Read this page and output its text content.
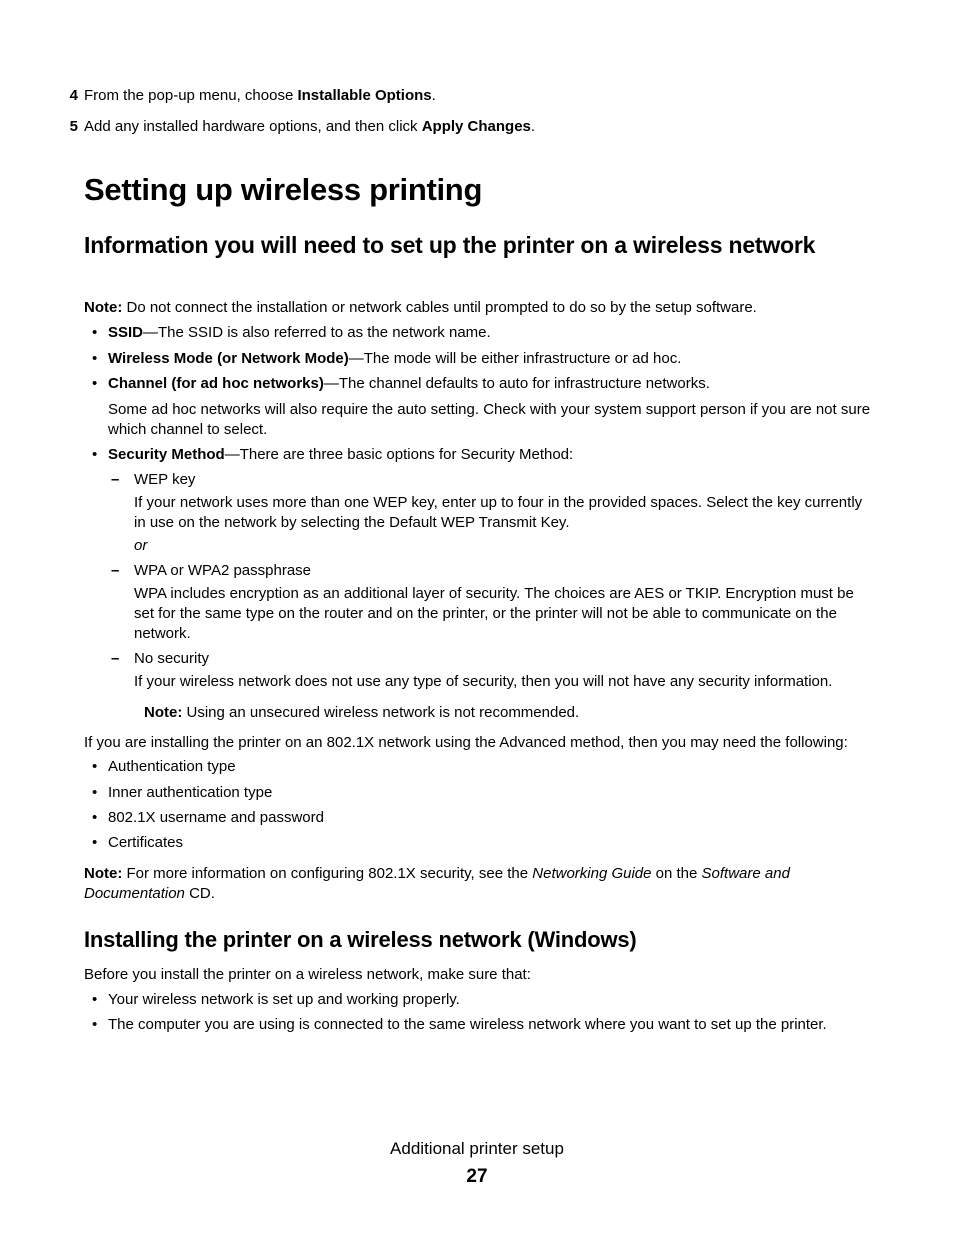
4 From the pop-up menu, choose Installable Options.

5 Add any installed hardware options, and then click Apply Changes.

Setting up wireless printing
Information you will need to set up the printer on a wireless network

Note: Do not connect the installation or network cables until prompted to do so by the setup software.

• SSID—The SSID is also referred to as the network name.

• Wireless Mode (or Network Mode)—The mode will be either infrastructure or ad hoc.

• Channel (for ad hoc networks)—The channel defaults to auto for infrastructure networks.

Some ad hoc networks will also require the auto setting. Check with your system support person if you are not sure which channel to select.

• Security Method—There are three basic options for Security Method:

– WEP key

If your network uses more than one WEP key, enter up to four in the provided spaces. Select the key currently in use on the network by selecting the Default WEP Transmit Key.

or

– WPA or WPA2 passphrase

WPA includes encryption as an additional layer of security. The choices are AES or TKIP. Encryption must be set for the same type on the router and on the printer, or the printer will not be able to communicate on the network.

– No security

If your wireless network does not use any type of security, then you will not have any security information.

Note: Using an unsecured wireless network is not recommended.

If you are installing the printer on an 802.1X network using the Advanced method, then you may need the following:

• Authentication type

• Inner authentication type

• 802.1X username and password

• Certificates

Note: For more information on configuring 802.1X security, see the Networking Guide on the Software and Documentation CD.

Installing the printer on a wireless network (Windows)

Before you install the printer on a wireless network, make sure that:

• Your wireless network is set up and working properly.

• The computer you are using is connected to the same wireless network where you want to set up the printer.

Additional printer setup
27
